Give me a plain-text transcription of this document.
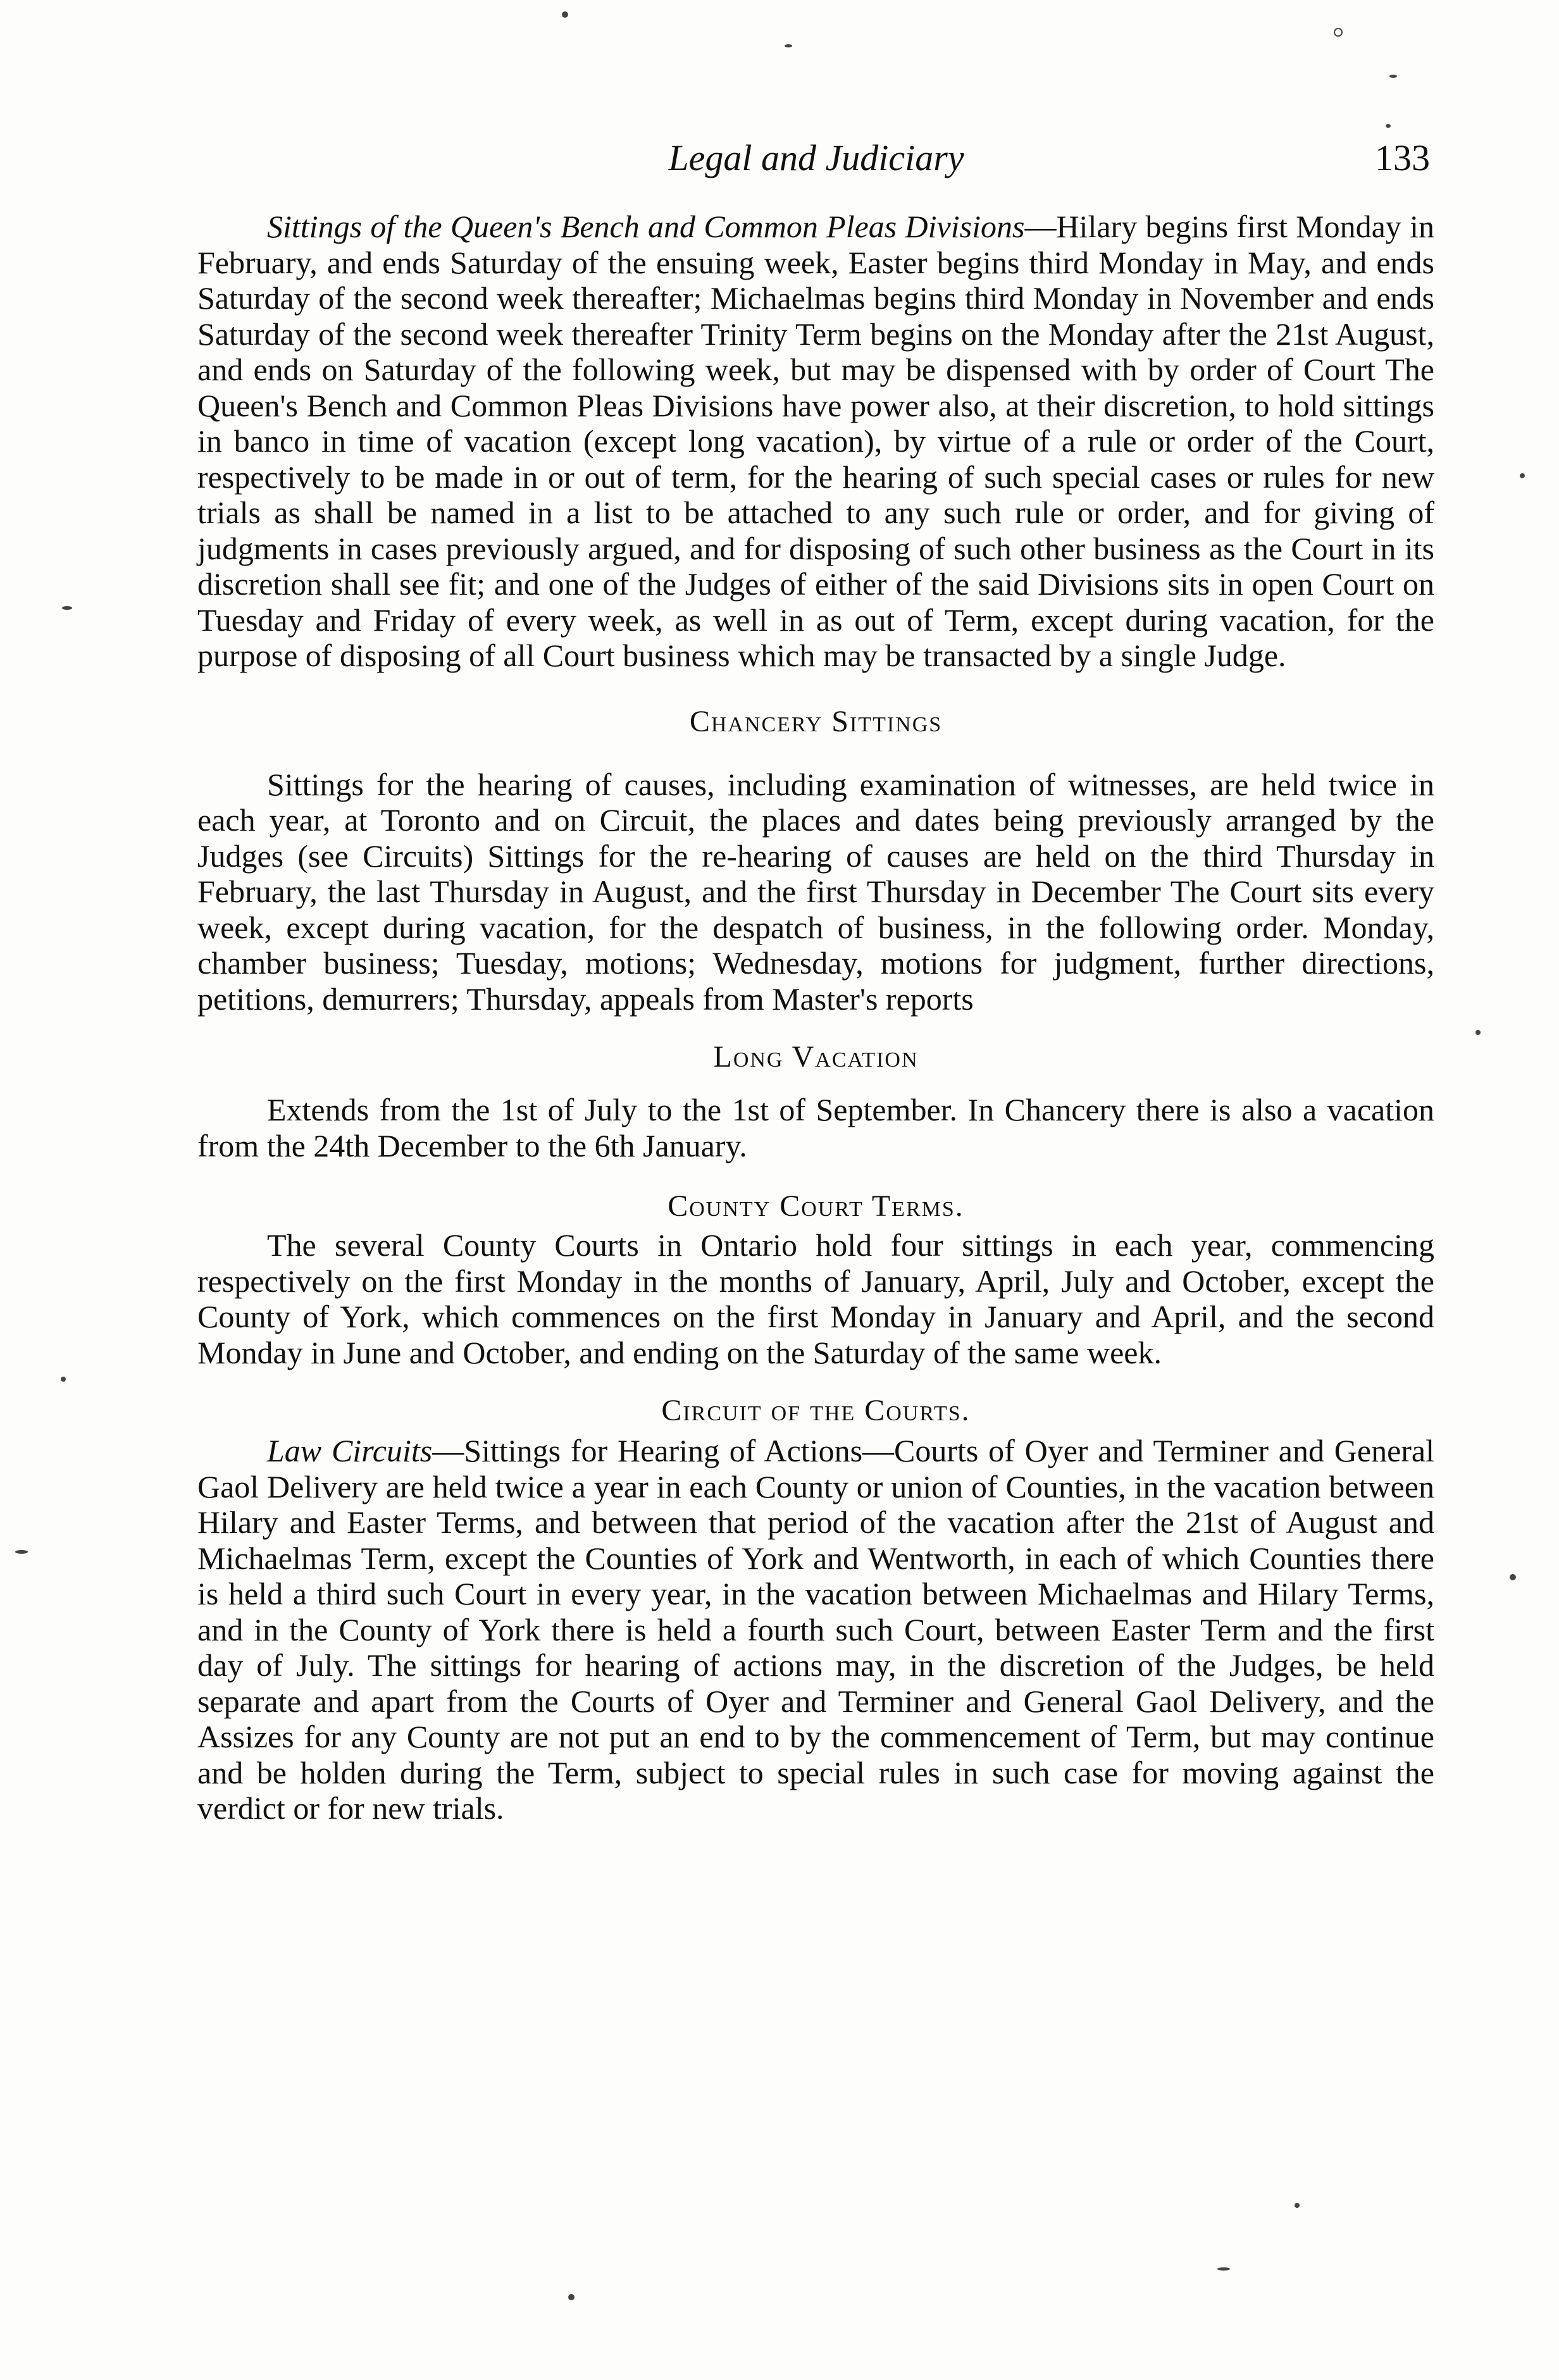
Legal and Judiciary	133

Sittings of the Queen's Bench and Common Pleas Divisions—Hilary begins first Monday in February, and ends Saturday of the ensuing week, Easter begins third Monday in May, and ends Saturday of the second week thereafter; Michaelmas begins third Monday in November and ends Saturday of the second week thereafter Trinity Term begins on the Monday after the 21st August, and ends on Saturday of the following week, but may be dispensed with by order of Court The Queen's Bench and Common Pleas Divisions have power also, at their discretion, to hold sittings in banco in time of vacation (except long vacation), by virtue of a rule or order of the Court, respectively to be made in or out of term, for the hearing of such special cases or rules for new trials as shall be named in a list to be attached to any such rule or order, and for giving of judgments in cases previously argued, and for disposing of such other business as the Court in its discretion shall see fit; and one of the Judges of either of the said Divisions sits in open Court on Tuesday and Friday of every week, as well in as out of Term, except during vacation, for the purpose of disposing of all Court business which may be transacted by a single Judge.

Chancery Sittings

Sittings for the hearing of causes, including examination of witnesses, are held twice in each year, at Toronto and on Circuit, the places and dates being previously arranged by the Judges (see Circuits) Sittings for the re-hearing of causes are held on the third Thursday in February, the last Thursday in August, and the first Thursday in December The Court sits every week, except during vacation, for the despatch of business, in the following order. Monday, chamber business; Tuesday, motions; Wednesday, motions for judgment, further directions, petitions, demurrers; Thursday, appeals from Master's reports

Long Vacation

Extends from the 1st of July to the 1st of September. In Chancery there is also a vacation from the 24th December to the 6th January.

County Court Terms.

The several County Courts in Ontario hold four sittings in each year, commencing respectively on the first Monday in the months of January, April, July and October, except the County of York, which commences on the first Monday in January and April, and the second Monday in June and October, and ending on the Saturday of the same week.

Circuit of the Courts.

Law Circuits—Sittings for Hearing of Actions—Courts of Oyer and Terminer and General Gaol Delivery are held twice a year in each County or union of Counties, in the vacation between Hilary and Easter Terms, and between that period of the vacation after the 21st of August and Michaelmas Term, except the Counties of York and Wentworth, in each of which Counties there is held a third such Court in every year, in the vacation between Michaelmas and Hilary Terms, and in the County of York there is held a fourth such Court, between Easter Term and the first day of July. The sittings for hearing of actions may, in the discretion of the Judges, be held separate and apart from the Courts of Oyer and Terminer and General Gaol Delivery, and the Assizes for any County are not put an end to by the commencement of Term, but may continue and be holden during the Term, subject to special rules in such case for moving against the verdict or for new trials.
